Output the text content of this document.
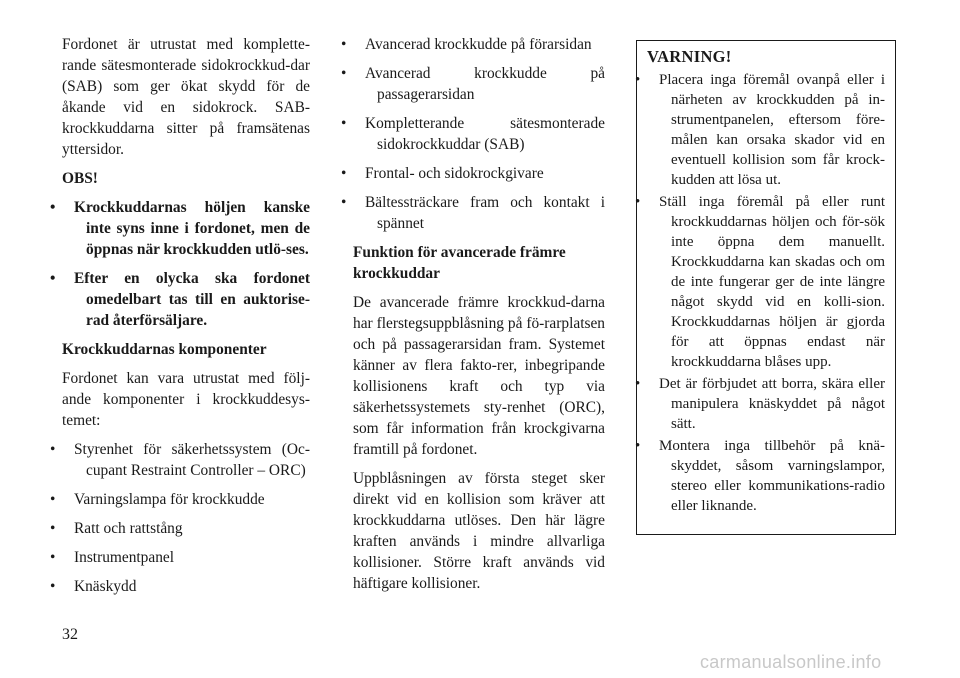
Fordonet är utrustat med komplette-rande sätesmonterade sidokrockkud-dar (SAB) som ger ökat skydd för de åkande vid en sidokrock. SAB-krockkuddarna sitter på framsätenas yttersidor.

OBS!
• Krockkuddarnas höljen kanske inte syns inne i fordonet, men de öppnas när krockkudden utlö-ses.
• Efter en olycka ska fordonet omedelbart tas till en auktorise-rad återförsäljare.
Krockkuddarnas komponenter

Fordonet kan vara utrustat med följ-ande komponenter i krockkuddesys-temet:

• Styrenhet för säkerhetssystem (Oc-cupant Restraint Controller – ORC)
• Varningslampa för krockkudde
• Ratt och rattstång
• Instrumentpanel
• Knäskydd
• Avancerad krockkudde på förarsidan
• Avancerad krockkudde på passagerarsidan
• Kompletterande sätesmonterade sidokrockkuddar (SAB)
• Frontal- och sidokrockgivare
• Bältessträckare fram och kontakt i spännet
Funktion för avancerade främre krockkuddar

De avancerade främre krockkud-darna har flerstegsuppblåsning på fö-rarplatsen och på passagerarsidan fram. Systemet känner av flera fakto-rer, inbegripande kollisionens kraft och typ via säkerhetssystemets sty-renhet (ORC), som får information från krockgivarna framtill på fordonet.

Uppblåsningen av första steget sker direkt vid en kollision som kräver att krockkuddarna utlöses. Den här lägre kraften används i mindre allvarliga kollisioner. Större kraft används vid häftigare kollisioner.

VARNING!
• Placera inga föremål ovanpå eller i närheten av krockkudden på in-strumentpanelen, eftersom före-målen kan orsaka skador vid en eventuell kollision som får krock-kudden att lösa ut.
• Ställ inga föremål på eller runt krockkuddarnas höljen och för-sök inte öppna dem manuellt. Krockkuddarna kan skadas och om de inte fungerar ger de inte längre något skydd vid en kolli-sion. Krockkuddarnas höljen är gjorda för att öppnas endast när krockkuddarna blåses upp.
• Det är förbjudet att borra, skära eller manipulera knäskyddet på något sätt.
• Montera inga tillbehör på knä-skyddet, såsom varningslampor, stereo eller kommunikations-radio eller liknande.
32
carmanualsonline.info
